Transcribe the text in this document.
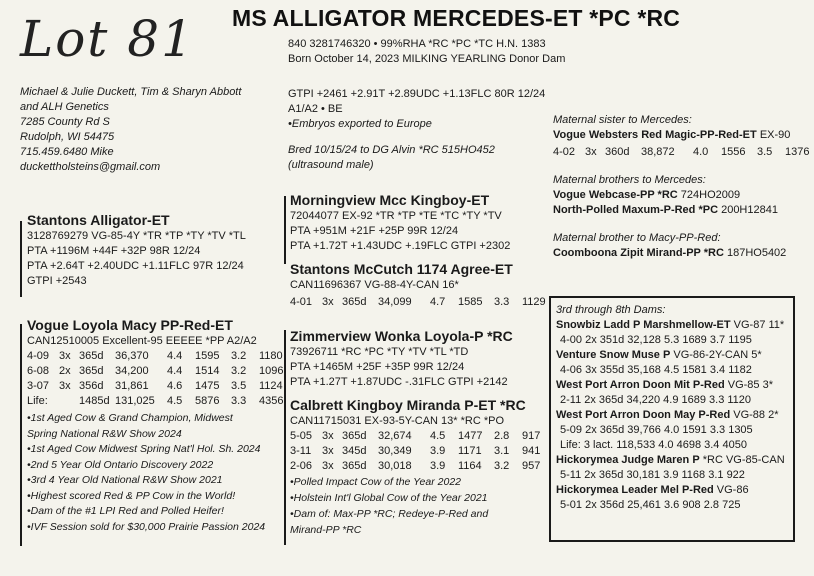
Lot 81 MS ALLIGATOR MERCEDES-ET *PC *RC
840 3281746320 • 99%RHA *RC *PC *TC H.N. 1383
Born October 14, 2023 MILKING YEARLING Donor Dam
GTPI +2461 +2.91T +2.89UDC +1.13FLC 80R 12/24
A1/A2 • BE
•Embryos exported to Europe
Bred 10/15/24 to DG Alvin *RC 515HO452
(ultrasound male)
Michael & Julie Duckett, Tim & Sharyn Abbott
and ALH Genetics
7285 County Rd S
Rudolph, WI 54475
715.459.6480 Mike
duckettholsteins@gmail.com
Stantons Alligator-ET
3128769279 VG-85-4Y *TR *TP *TY *TV *TL
PTA +1196M +44F +32P 98R 12/24
PTA +2.64T +2.40UDC +1.11FLC 97R 12/24
GTPI +2543
Vogue Loyola Macy PP-Red-ET
CAN12510005 Excellent-95 EEEEE *PP A2/A2
4-09 3x 365d 36,370 4.4 1595 3.2 1180
6-08 2x 365d 34,200 4.4 1514 3.2 1096
3-07 3x 356d 31,861 4.6 1475 3.5 1124
Life:	1485d 131,025 4.5 5876 3.3 4356
•1st Aged Cow & Grand Champion, Midwest
Spring National R&W Show 2024
•1st Aged Cow Midwest Spring Nat'l Hol. Sh. 2024
•2nd 5 Year Old Ontario Discovery 2022
•3rd 4 Year Old National R&W Show 2021
•Highest scored Red & PP Cow in the World!
•Dam of the #1 LPI Red and Polled Heifer!
•IVF Session sold for $30,000 Prairie Passion 2024
Morningview Mcc Kingboy-ET
72044077 EX-92 *TR *TP *TE *TC *TY *TV
PTA +951M +21F +25P 99R 12/24
PTA +1.72T +1.43UDC +.19FLC GTPI +2302
Stantons McCutch 1174 Agree-ET
CAN11696367 VG-88-4Y-CAN 16*
4-01 3x 365d 34,099 4.7 1585 3.3 1129
Zimmerview Wonka Loyola-P *RC
73926711 *RC *PC *TY *TV *TL *TD
PTA +1465M +25F +35P 99R 12/24
PTA +1.27T +1.87UDC -.31FLC GTPI +2142
Calbrett Kingboy Miranda P-ET *RC
CAN11715031 EX-93-5Y-CAN 13* *RC *PO
5-05 3x 365d 32,674 4.5 1477 2.8 917
3-11 3x 345d 30,349 3.9 1171 3.1 941
2-06 3x 365d 30,018 3.9 1164 3.2 957
•Polled Impact Cow of the Year 2022
•Holstein Int'l Global Cow of the Year 2021
•Dam of: Max-PP *RC; Redeye-P-Red and
Mirand-PP *RC
Maternal sister to Mercedes:
Vogue Websters Red Magic-PP-Red-ET EX-90
4-02 3x 360d 38,872 4.0 1556 3.5 1376
Maternal brothers to Mercedes:
Vogue Webcase-PP *RC 724HO2009
North-Polled Maxum-P-Red *PC 200H12841
Maternal brother to Macy-PP-Red:
Coomboona Zipit Mirand-PP *RC 187HO5402
3rd through 8th Dams:
Snowbiz Ladd P Marshmellow-ET VG-87 11*
4-00 2x 351d 32,128 5.3 1689 3.7 1195
Venture Snow Muse P VG-86-2Y-CAN 5*
4-06 3x 355d 35,168 4.5 1581 3.4 1182
West Port Arron Doon Mit P-Red VG-85 3*
2-11 2x 365d 34,220 4.9 1689 3.3 1120
West Port Arron Doon May P-Red VG-88 2*
5-09 2x 365d 39,766 4.0 1591 3.3 1305
Life: 3 lact. 118,533 4.0 4698 3.4 4050
Hickorymea Judge Maren P *RC VG-85-CAN
5-11 2x 365d 30,181 3.9 1168 3.1 922
Hickorymea Leader Mel P-Red VG-86
5-01 2x 356d 25,461 3.6 908 2.8 725
